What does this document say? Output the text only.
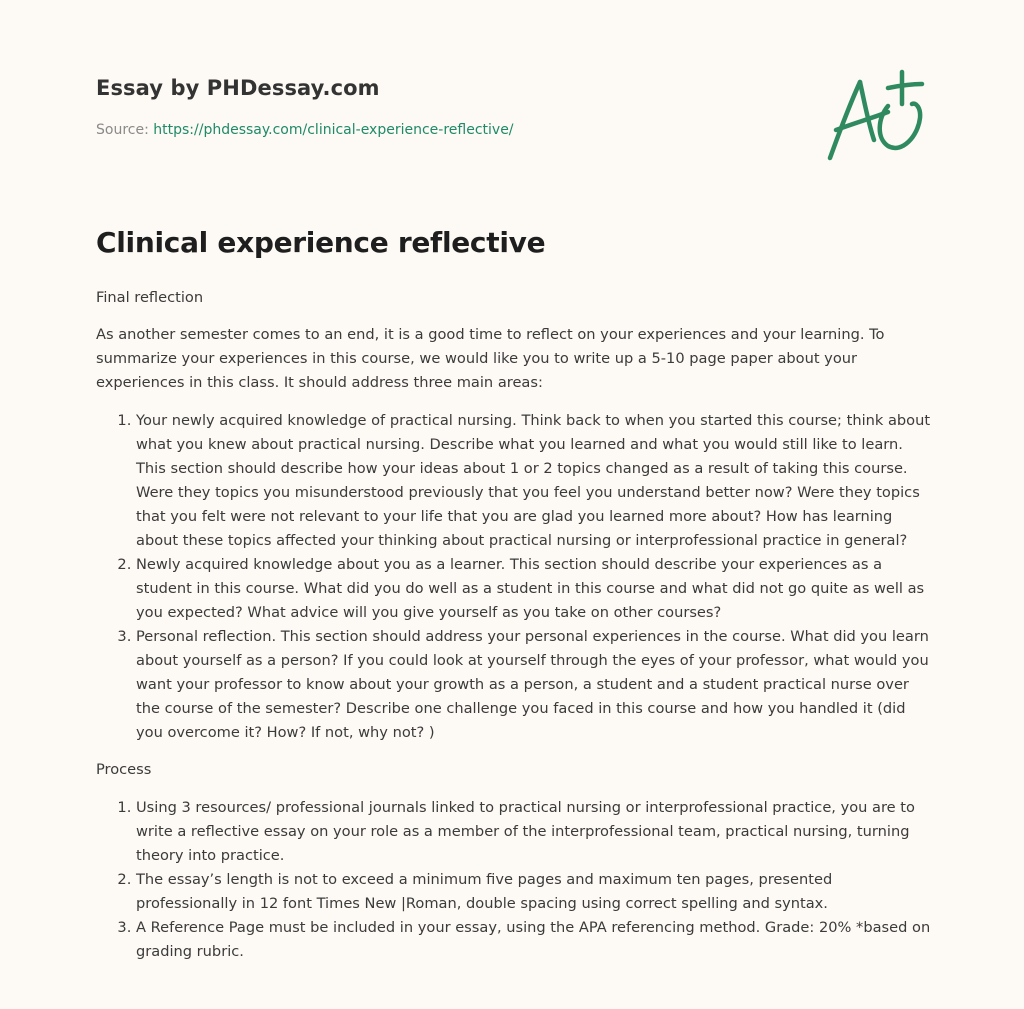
Essay by PHDessay.com
Source: https://phdessay.com/clinical-experience-reflective/
Clinical experience reflective

Final reflection

As another semester comes to an end, it is a good time to reflect on your experiences and your learning. To summarize your experiences in this course, we would like you to write up a 5-10 page paper about your experiences in this class. It should address three main areas:

1. Your newly acquired knowledge of practical nursing. Think back to when you started this course; think about what you knew about practical nursing. Describe what you learned and what you would still like to learn. This section should describe how your ideas about 1 or 2 topics changed as a result of taking this course. Were they topics you misunderstood previously that you feel you understand better now? Were they topics that you felt were not relevant to your life that you are glad you learned more about? How has learning about these topics affected your thinking about practical nursing or interprofessional practice in general?
2. Newly acquired knowledge about you as a learner. This section should describe your experiences as a student in this course. What did you do well as a student in this course and what did not go quite as well as you expected? What advice will you give yourself as you take on other courses?
3. Personal reflection. This section should address your personal experiences in the course. What did you learn about yourself as a person? If you could look at yourself through the eyes of your professor, what would you want your professor to know about your growth as a person, a student and a student practical nurse over the course of the semester? Describe one challenge you faced in this course and how you handled it (did you overcome it? How? If not, why not? )

Process

1. Using 3 resources/ professional journals linked to practical nursing or interprofessional practice, you are to write a reflective essay on your role as a member of the interprofessional team, practical nursing, turning theory into practice.
2. The essay’s length is not to exceed a minimum five pages and maximum ten pages, presented professionally in 12 font Times New |Roman, double spacing using correct spelling and syntax.
3. A Reference Page must be included in your essay, using the APA referencing method. Grade: 20% *based on grading rubric.
